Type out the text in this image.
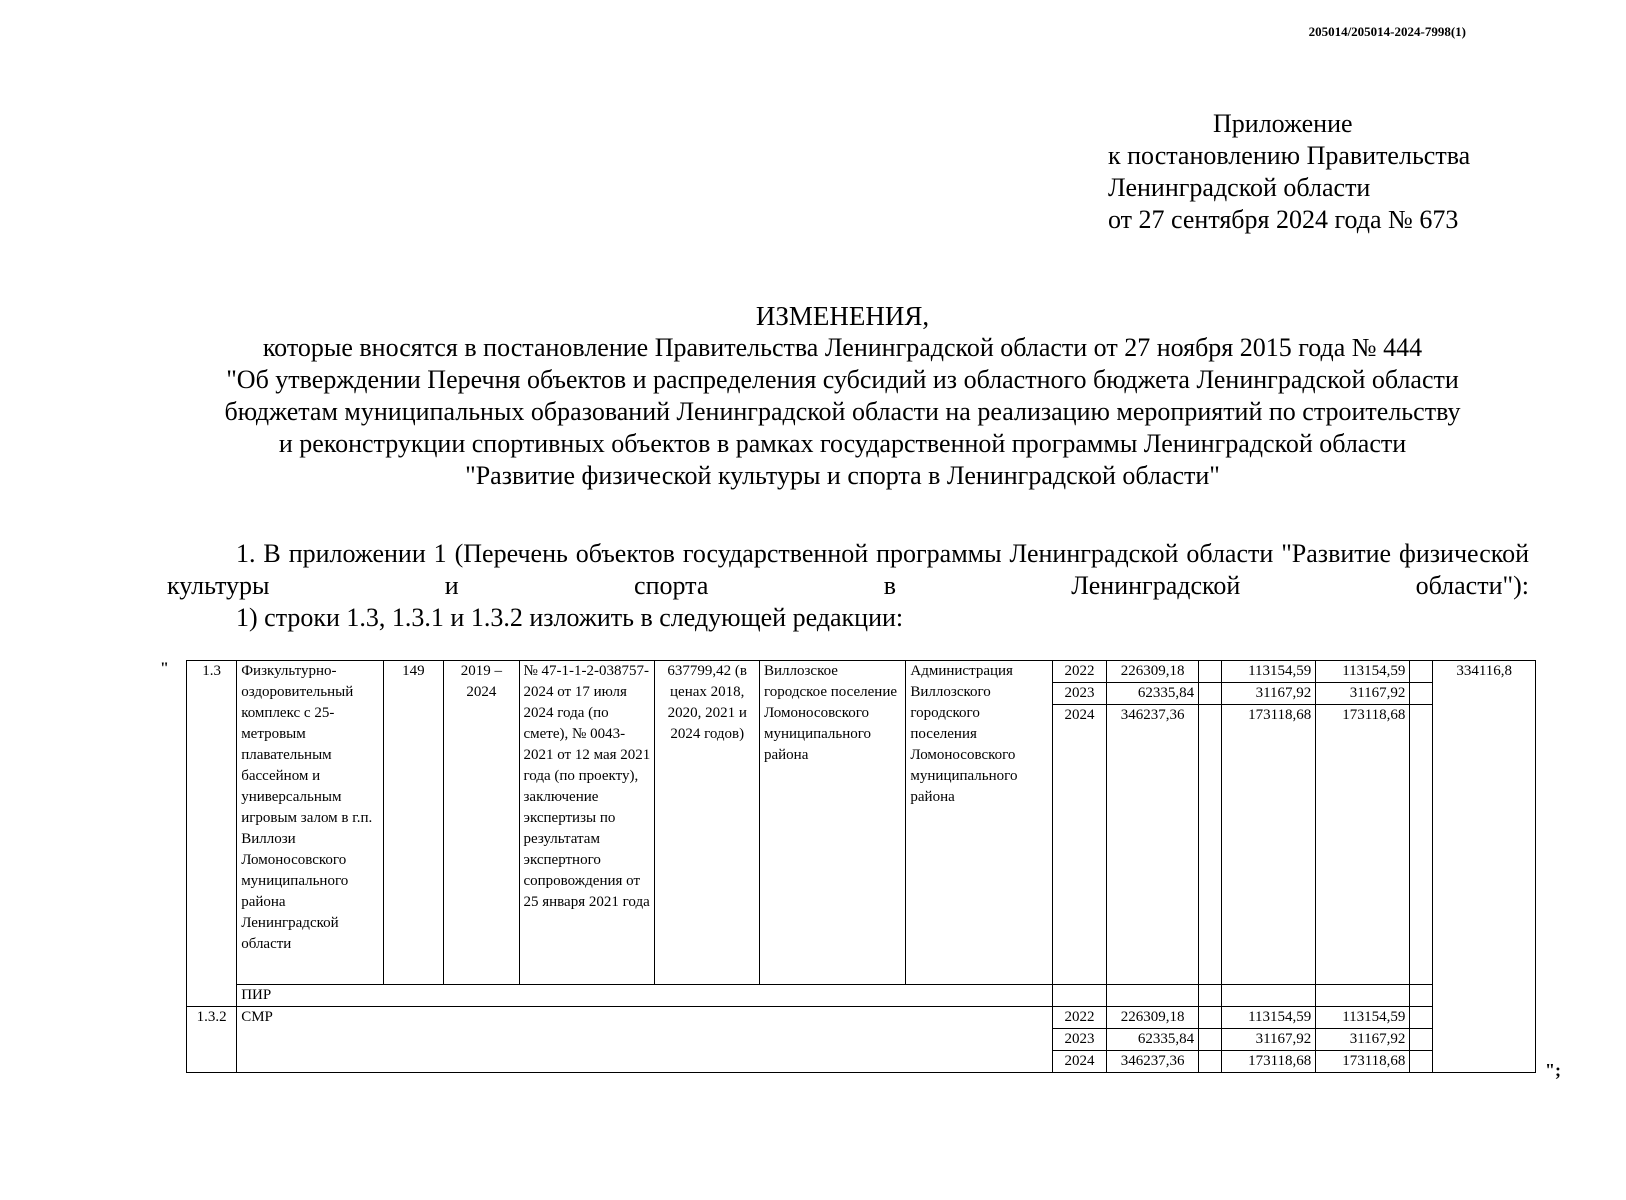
205014/205014-2024-7998(1)
Приложение
к постановлению Правительства
Ленинградской области
от 27 сентября 2024 года № 673
ИЗМЕНЕНИЯ,
которые вносятся в постановление Правительства Ленинградской области от 27 ноября 2015 года № 444
"Об утверждении Перечня объектов и распределения субсидий из областного бюджета Ленинградской области
бюджетам муниципальных образований Ленинградской области на реализацию мероприятий по строительству
и реконструкции спортивных объектов в рамках государственной программы Ленинградской области
"Развитие физической культуры и спорта в Ленинградской области"

1. В приложении 1 (Перечень объектов государственной программы Ленинградской области "Развитие физической культуры и спорта в Ленинградской области"):

1) строки 1.3, 1.3.1 и 1.3.2 изложить в следующей редакции:

" 1.3	Физкультурно-оздоровительный комплекс с 25-метровым плавательным бассейном и универсальным игровым залом в г.п. Виллози Ломоносовского муниципального района Ленинградской области	149	2019 – 2024	№ 47-1-1-2-038757-2024 от 17 июля 2024 года (по смете), № 0043-2021 от 12 мая 2021 года (по проекту), заключение экспертизы по результатам экспертного сопровождения от 25 января 2021 года	637799,42 (в ценах 2018, 2020, 2021 и 2024 годов)	Виллозское городское поселение Ломоносовского муниципального района	Администрация Виллозского городского поселения Ломоносовского муниципального района	2022	226309,18		113154,59	113154,59		334116,8
								2023	62335,84		31167,92	31167,92		
								2024	346237,36		173118,68	173118,68		
	ПИР													
1.3.2	СМР							2022	226309,18		113154,59	113154,59		
								2023	62335,84		31167,92	31167,92		
								2024	346237,36		173118,68	173118,68			";
